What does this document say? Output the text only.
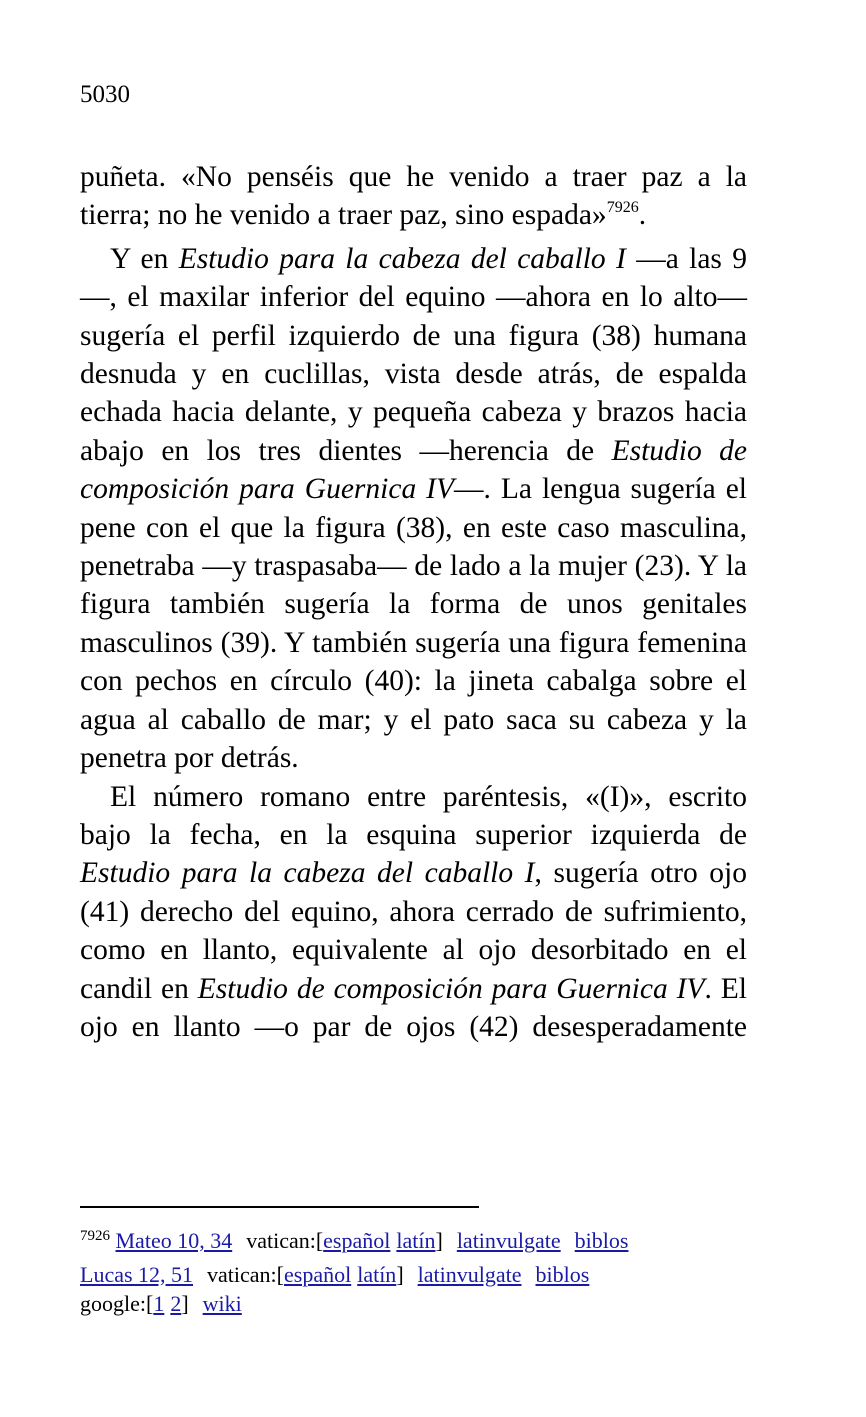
5030

puñeta. «No penséis que he venido a traer paz a la tierra; no he venido a traer paz, sino espada»$^{7926}$.

Y en Estudio para la cabeza del caballo I —a las 9—, el maxilar inferior del equino —ahora en lo alto— sugería el perfil izquierdo de una figura (38) humana desnuda y en cuclillas, vista desde atrás, de espalda echada hacia delante, y pequeña cabeza y brazos hacia abajo en los tres dientes —herencia de Estudio de composición para Guernica IV—. La lengua sugería el pene con el que la figura (38), en este caso masculina, penetraba —y traspasaba— de lado a la mujer (23). Y la figura también sugería la forma de unos genitales masculinos (39). Y también sugería una figura femenina con pechos en círculo (40): la jineta cabalga sobre el agua al caballo de mar; y el pato saca su cabeza y la penetra por detrás.

El número romano entre paréntesis, «(I)», escrito bajo la fecha, en la esquina superior izquierda de Estudio para la cabeza del caballo I, sugería otro ojo (41) derecho del equino, ahora cerrado de sufrimiento, como en llanto, equivalente al ojo desorbitado en el candil en Estudio de composición para Guernica IV. El ojo en llanto —o par de ojos (42) desesperadamente

$^{7926}$ Mateo 10, 34 vatican:[español latín] latinvulgate biblos
Lucas 12, 51 vatican:[español latín] latinvulgate biblos
google:[1 2] wiki
